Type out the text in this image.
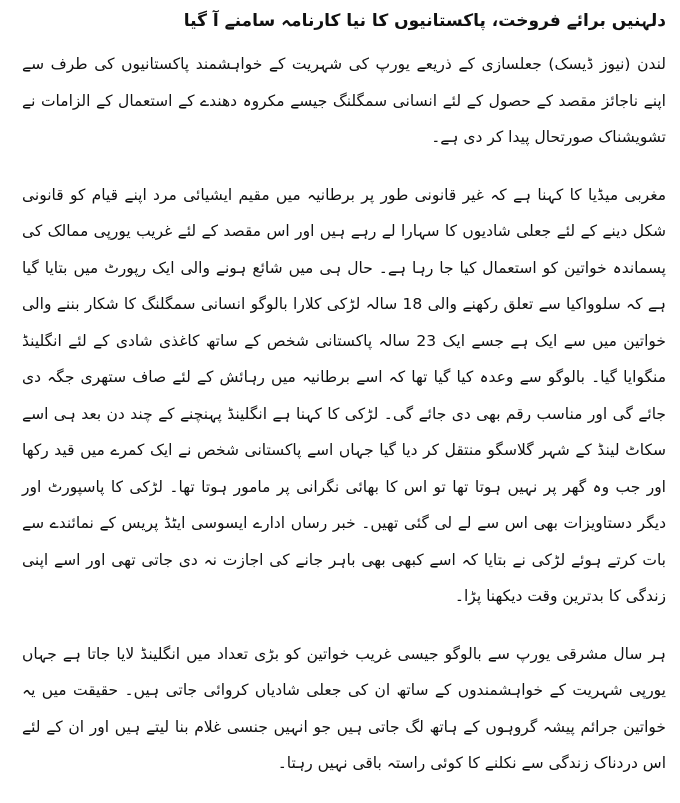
دلہنیں برائے فروخت، پاکستانیوں کا نیا کارنامہ سامنے آ گیا

لندن (نیوز ڈیسک) جعلسازی کے ذریعے یورپ کی شہریت کے خواہشمند پاکستانیوں کی طرف سے اپنے ناجائز مقصد کے حصول کے لئے انسانی سمگلنگ جیسے مکروہ دھندے کے استعمال کے الزامات نے تشویشناک صورتحال پیدا کر دی ہے۔

مغربی میڈیا کا کہنا ہے کہ غیر قانونی طور پر برطانیہ میں مقیم ایشیائی مرد اپنے قیام کو قانونی شکل دینے کے لئے جعلی شادیوں کا سہارا لے رہے ہیں اور اس مقصد کے لئے غریب یورپی ممالک کی پسماندہ خواتین کو استعمال کیا جا رہا ہے۔ حال ہی میں شائع ہونے والی ایک رپورٹ میں بتایا گیا ہے کہ سلوواکیا سے تعلق رکھنے والی 18 سالہ لڑکی کلارا بالوگو انسانی سمگلنگ کا شکار بننے والی خواتین میں سے ایک ہے جسے ایک 23 سالہ پاکستانی شخص کے ساتھ کاغذی شادی کے لئے انگلینڈ منگوایا گیا۔ بالوگو سے وعدہ کیا گیا تھا کہ اسے برطانیہ میں رہائش کے لئے صاف ستھری جگہ دی جائے گی اور مناسب رقم بھی دی جائے گی۔ لڑکی کا کہنا ہے انگلینڈ پہنچنے کے چند دن بعد ہی اسے سکاٹ لینڈ کے شہر گلاسگو منتقل کر دیا گیا جہاں اسے پاکستانی شخص نے ایک کمرے میں قید رکھا اور جب وہ گھر پر نہیں ہوتا تھا تو اس کا بھائی نگرانی پر مامور ہوتا تھا۔ لڑکی کا پاسپورٹ اور دیگر دستاویزات بھی اس سے لے لی گئی تھیں۔ خبر رساں ادارے ایسوسی ایٹڈ پریس کے نمائندے سے بات کرتے ہوئے لڑکی نے بتایا کہ اسے کبھی بھی باہر جانے کی اجازت نہ دی جاتی تھی اور اسے اپنی زندگی کا بدترین وقت دیکھنا پڑا۔

ہر سال مشرقی یورپ سے بالوگو جیسی غریب خواتین کو بڑی تعداد میں انگلینڈ لایا جاتا ہے جہاں یورپی شہریت کے خواہشمندوں کے ساتھ ان کی جعلی شادیاں کروائی جاتی ہیں۔ حقیقت میں یہ خواتین جرائم پیشہ گروہوں کے ہاتھ لگ جاتی ہیں جو انہیں جنسی غلام بنا لیتے ہیں اور ان کے لئے اس دردناک زندگی سے نکلنے کا کوئی راستہ باقی نہیں رہتا۔
